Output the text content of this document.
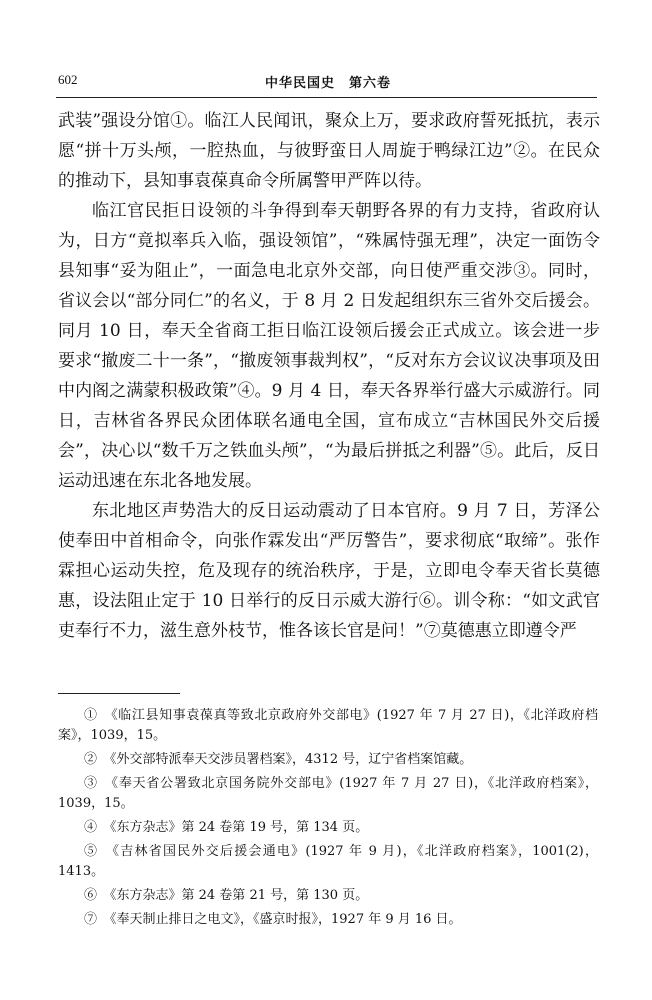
602	中华民国史　第六卷

武装”强设分馆①。临江人民闻讯，聚众上万，要求政府誓死抵抗，表示愿“拼十万头颅，一腔热血，与彼野蛮日人周旋于鸭绿江边”②。在民众的推动下，县知事袁葆真命令所属警甲严阵以待。

临江官民拒日设领的斗争得到奉天朝野各界的有力支持，省政府认为，日方“竟拟率兵入临，强设领馆”，“殊属恃强无理”，决定一面饬令县知事“妥为阻止”，一面急电北京外交部，向日使严重交涉③。同时，省议会以“部分同仁”的名义，于 8 月 2 日发起组织东三省外交后援会。同月 10 日，奉天全省商工拒日临江设领后援会正式成立。该会进一步要求“撤废二十一条”，“撤废领事裁判权”，“反对东方会议议决事项及田中内阁之满蒙积极政策”④。9 月 4 日，奉天各界举行盛大示威游行。同日，吉林省各界民众团体联名通电全国，宣布成立“吉林国民外交后援会”，决心以“数千万之铁血头颅”，“为最后拼抵之利器”⑤。此后，反日运动迅速在东北各地发展。

东北地区声势浩大的反日运动震动了日本官府。9 月 7 日，芳泽公使奉田中首相命令，向张作霖发出“严厉警告”，要求彻底“取缔”。张作霖担心运动失控，危及现存的统治秩序，于是，立即电令奉天省长莫德惠，设法阻止定于 10 日举行的反日示威大游行⑥。训令称：“如文武官吏奉行不力，滋生意外枝节，惟各该长官是问！”⑦莫德惠立即遵令严

①　《临江县知事袁葆真等致北京政府外交部电》(1927 年 7 月 27 日)，《北洋政府档案》，1039，15。

②　《外交部特派奉天交涉员署档案》，4312 号，辽宁省档案馆藏。

③　《奉天省公署致北京国务院外交部电》(1927 年 7 月 27 日)，《北洋政府档案》，1039，15。

④　《东方杂志》第 24 卷第 19 号，第 134 页。

⑤　《吉林省国民外交后援会通电》(1927 年 9 月)，《北洋政府档案》，1001(2)，1413。

⑥　《东方杂志》第 24 卷第 21 号，第 130 页。

⑦　《奉天制止排日之电文》，《盛京时报》，1927 年 9 月 16 日。
